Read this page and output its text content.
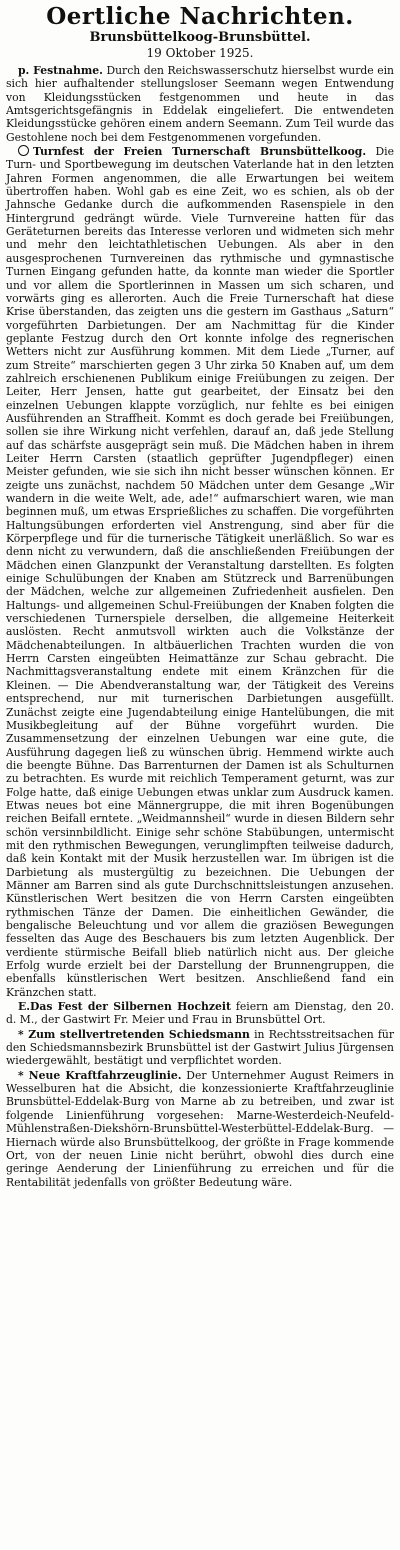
Oertliche Nachrichten.
Brunsbüttelkoog-Brunsbüttel.
19 Oktober 1925.

p. Festnahme. Durch den Reichswasserschutz hierselbst wurde ein sich hier aufhaltender stellungsloser Seemann wegen Entwendung von Kleidungsstücken festgenommen und heute in das Amtsgerichtsgefängnis in Eddelak eingeliefert. Die entwendeten Kleidungsstücke gehören einem andern Seemann. Zum Teil wurde das Gestohlene noch bei dem Festgenommenen vorgefunden.

Turnfest der Freien Turnerschaft Brunsbüttelkoog. Die Turn- und Sportbewegung im deutschen Vaterlande hat in den letzten Jahren Formen angenommen, die alle Erwartungen bei weitem übertroffen haben. Wohl gab es eine Zeit, wo es schien, als ob der Jahnsche Gedanke durch die aufkommenden Rasenspiele in den Hintergrund gedrängt würde. Viele Turnvereine hatten für das Geräteturnen bereits das Interesse verloren und widmeten sich mehr und mehr den leichtathletischen Uebungen. Als aber in den ausgesprochenen Turnvereinen das rythmische und gymnastische Turnen Eingang gefunden hatte, da konnte man wieder die Sportler und vor allem die Sportlerinnen in Massen um sich scharen, und vorwärts ging es allerorten. Auch die Freie Turnerschaft hat diese Krise überstanden, das zeigten uns die gestern im Gasthaus „Saturn“ vorgeführten Darbietungen. Der am Nachmittag für die Kinder geplante Festzug durch den Ort konnte infolge des regnerischen Wetters nicht zur Ausführung kommen. Mit dem Liede „Turner, auf zum Streite“ marschierten gegen 3 Uhr zirka 50 Knaben auf, um dem zahlreich erschienenen Publikum einige Freiübungen zu zeigen. Der Leiter, Herr Jensen, hatte gut gearbeitet, der Einsatz bei den einzelnen Uebungen klappte vorzüglich, nur fehlte es bei einigen Ausführenden an Straffheit. Kommt es doch gerade bei Freiübungen, sollen sie ihre Wirkung nicht verfehlen, darauf an, daß jede Stellung auf das schärfste ausgeprägt sein muß. Die Mädchen haben in ihrem Leiter Herrn Carsten (staatlich geprüfter Jugendpfleger) einen Meister gefunden, wie sie sich ihn nicht besser wünschen können. Er zeigte uns zunächst, nachdem 50 Mädchen unter dem Gesange „Wir wandern in die weite Welt, ade, ade!“ aufmarschiert waren, wie man beginnen muß, um etwas Ersprießliches zu schaffen. Die vorgeführten Haltungsübungen erforderten viel Anstrengung, sind aber für die Körperpflege und für die turnerische Tätigkeit unerläßlich. So war es denn nicht zu verwundern, daß die anschließenden Freiübungen der Mädchen einen Glanzpunkt der Veranstaltung darstellten. Es folgten einige Schulübungen der Knaben am Stützreck und Barrenübungen der Mädchen, welche zur allgemeinen Zufriedenheit ausfielen. Den Haltungs- und allgemeinen Schul-Freiübungen der Knaben folgten die verschiedenen Turnerspiele derselben, die allgemeine Heiterkeit auslösten. Recht anmutsvoll wirkten auch die Volkstänze der Mädchenabteilungen. In altbäuerlichen Trachten wurden die von Herrn Carsten eingeübten Heimattänze zur Schau gebracht. Die Nachmittagsveranstaltung endete mit einem Kränzchen für die Kleinen. — Die Abendveranstaltung war, der Tätigkeit des Vereins entsprechend, nur mit turnerischen Darbietungen ausgefüllt. Zunächst zeigte eine Jugendabteilung einige Hantelübungen, die mit Musikbegleitung auf der Bühne vorgeführt wurden. Die Zusammensetzung der einzelnen Uebungen war eine gute, die Ausführung dagegen ließ zu wünschen übrig. Hemmend wirkte auch die beengte Bühne. Das Barrenturnen der Damen ist als Schulturnen zu betrachten. Es wurde mit reichlich Temperament geturnt, was zur Folge hatte, daß einige Uebungen etwas unklar zum Ausdruck kamen. Etwas neues bot eine Männergruppe, die mit ihren Bogenübungen reichen Beifall erntete. „Weidmannsheil“ wurde in diesen Bildern sehr schön versinnbildlicht. Einige sehr schöne Stabübungen, untermischt mit den rythmischen Bewegungen, verunglimpften teilweise dadurch, daß kein Kontakt mit der Musik herzustellen war. Im übrigen ist die Darbietung als mustergültig zu bezeichnen. Die Uebungen der Männer am Barren sind als gute Durchschnittsleistungen anzusehen. Künstlerischen Wert besitzen die von Herrn Carsten eingeübten rythmischen Tänze der Damen. Die einheitlichen Gewänder, die bengalische Beleuchtung und vor allem die graziösen Bewegungen fesselten das Auge des Beschauers bis zum letzten Augenblick. Der verdiente stürmische Beifall blieb natürlich nicht aus. Der gleiche Erfolg wurde erzielt bei der Darstellung der Brunnengruppen, die ebenfalls künstlerischen Wert besitzen. Anschließend fand ein Kränzchen statt.

E.Das Fest der Silbernen Hochzeit feiern am Dienstag, den 20. d. M., der Gastwirt Fr. Meier und Frau in Brunsbüttel Ort.

* Zum stellvertretenden Schiedsmann in Rechtsstreitsachen für den Schiedsmannsbezirk Brunsbüttel ist der Gastwirt Julius Jürgensen wiedergewählt, bestätigt und verpflichtet worden.

* Neue Kraftfahrzeuglinie. Der Unternehmer August Reimers in Wesselburen hat die Absicht, die konzessionierte Kraftfahrzeuglinie Brunsbüttel-Eddelak-Burg von Marne ab zu betreiben, und zwar ist folgende Linienführung vorgesehen: Marne-Westerdeich-Neufeld-Mühlenstraßen-Diekshörn-Brunsbüttel-Westerbüttel-Eddelak-Burg. — Hiernach würde also Brunsbüttelkoog, der größte in Frage kommende Ort, von der neuen Linie nicht berührt, obwohl dies durch eine geringe Aenderung der Linienführung zu erreichen und für die Rentabilität jedenfalls von größter Bedeutung wäre.
